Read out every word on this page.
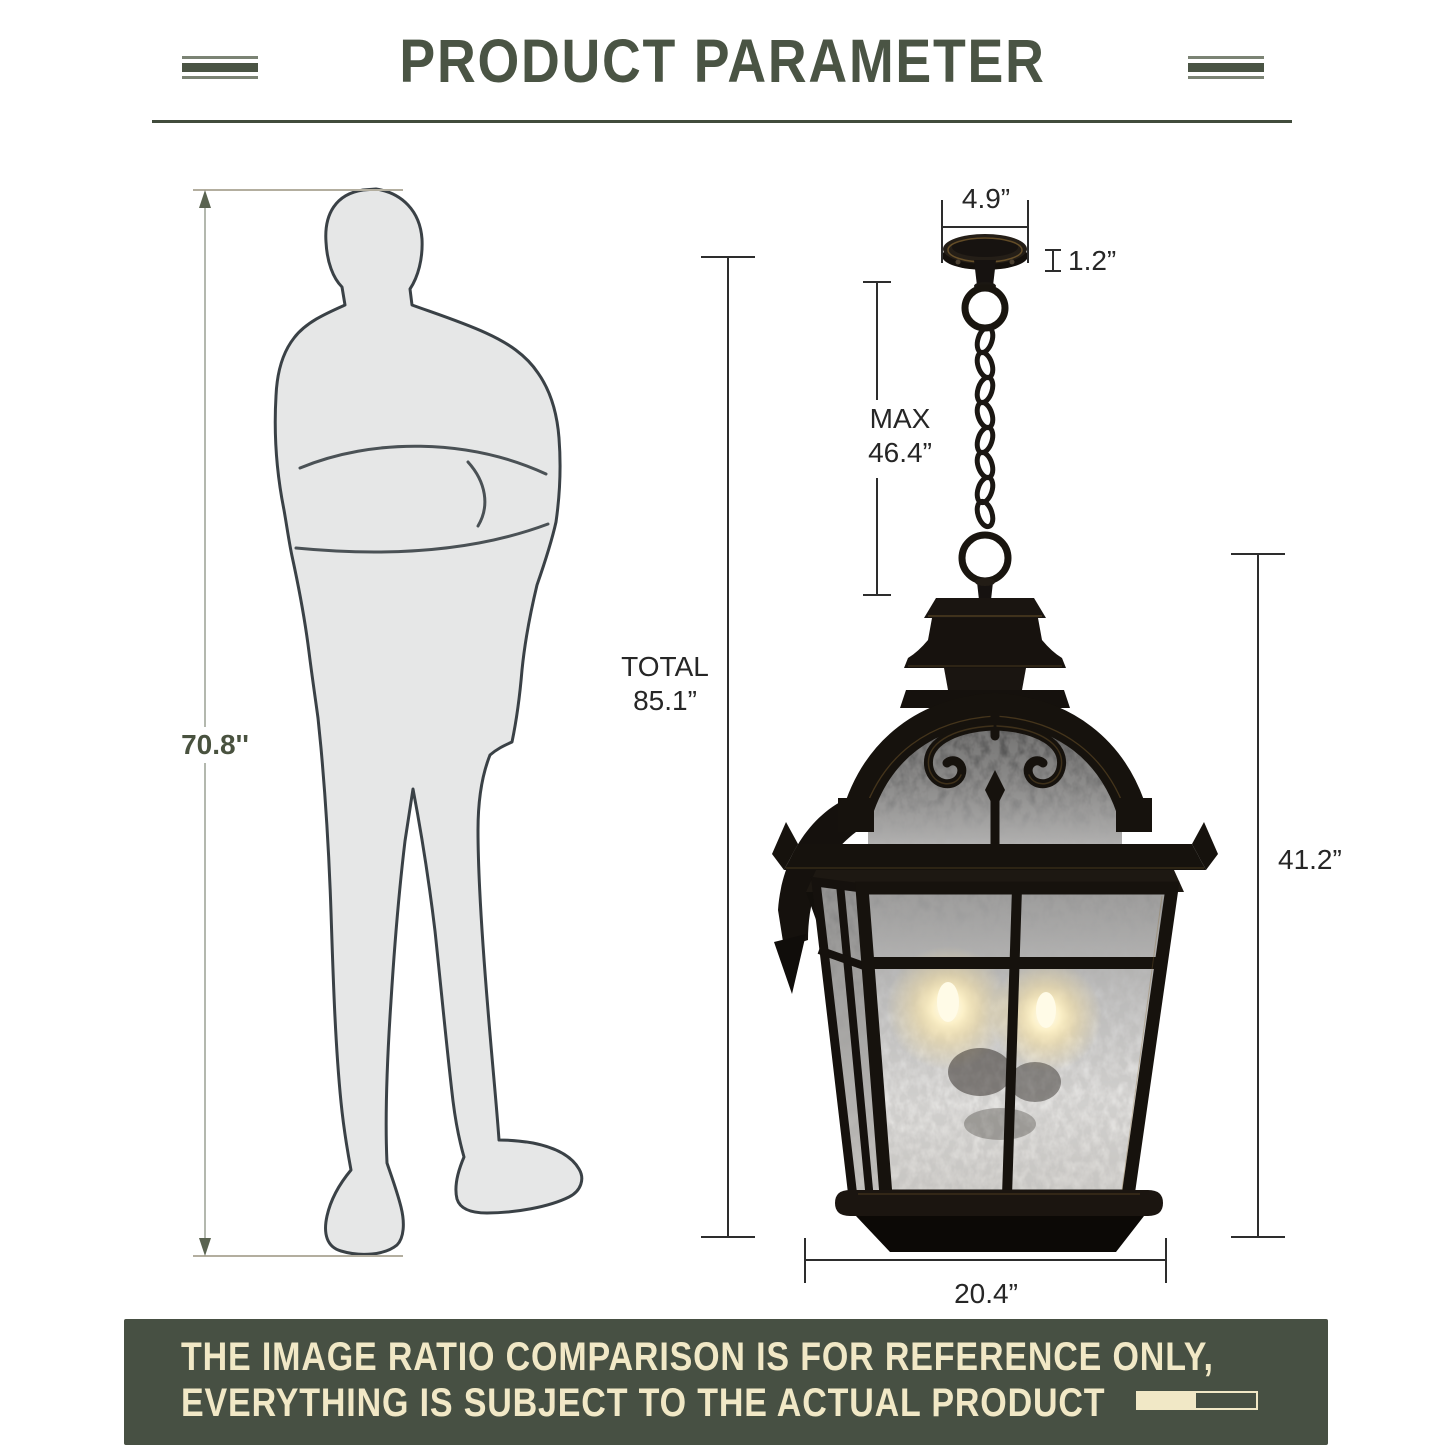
PRODUCT PARAMETER
70.8''
4.9”
1.2”
MAX
46.4”
TOTAL
85.1”
41.2”
20.4”
THE IMAGE RATIO COMPARISON IS FOR REFERENCE ONLY,
EVERYTHING IS SUBJECT TO THE ACTUAL PRODUCT
